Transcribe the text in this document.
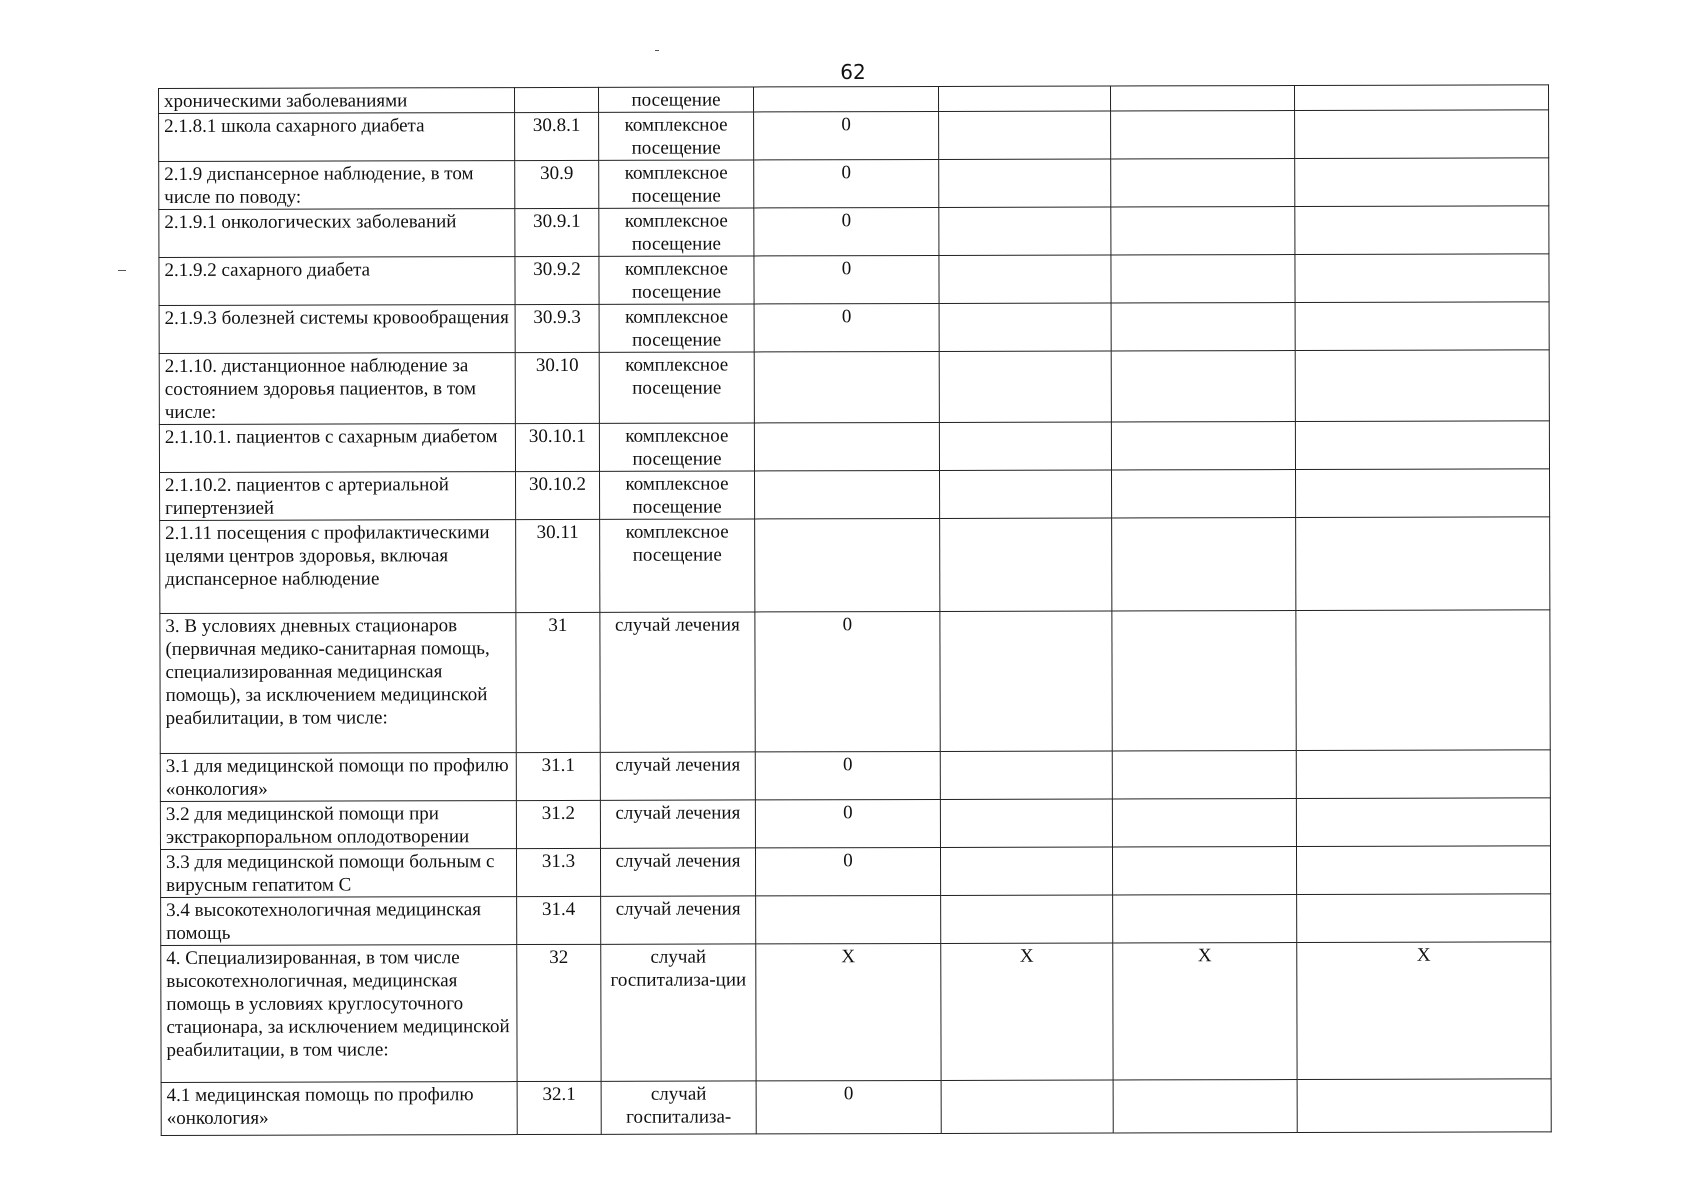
62
хроническими заболеваниями		посещение				
2.1.8.1 школа сахарного диабета	30.8.1	комплексное посещение	0			
2.1.9 диспансерное наблюдение, в том числе по поводу:	30.9	комплексное посещение	0			
2.1.9.1 онкологических заболеваний	30.9.1	комплексное посещение	0			
2.1.9.2 сахарного диабета	30.9.2	комплексное посещение	0			
2.1.9.3 болезней системы кровообращения	30.9.3	комплексное посещение	0			
2.1.10. дистанционное наблюдение за состоянием здоровья пациентов, в том числе:	30.10	комплексное посещение				
2.1.10.1. пациентов с сахарным диабетом	30.10.1	комплексное посещение				
2.1.10.2. пациентов с артериальной гипертензией	30.10.2	комплексное посещение				
2.1.11 посещения с профилактическими целями центров здоровья, включая диспансерное наблюдение	30.11	комплексное посещение				
3. В условиях дневных стационаров (первичная медико-санитарная помощь, специализированная медицинская помощь), за исключением медицинской реабилитации, в том числе:	31	случай лечения	0			
3.1 для медицинской помощи по профилю «онкология»	31.1	случай лечения	0			
3.2 для медицинской помощи при экстракорпоральном оплодотворении	31.2	случай лечения	0			
3.3 для медицинской помощи больным с вирусным гепатитом С	31.3	случай лечения	0			
3.4 высокотехнологичная медицинская помощь	31.4	случай лечения				
4. Специализированная, в том числе высокотехнологичная, медицинская помощь в условиях круглосуточного стационара, за исключением медицинской реабилитации, в том числе:	32	случай госпитализа-ции	X	X	X	X
4.1 медицинская помощь по профилю «онкология»	32.1	случай госпитализа-	0			
